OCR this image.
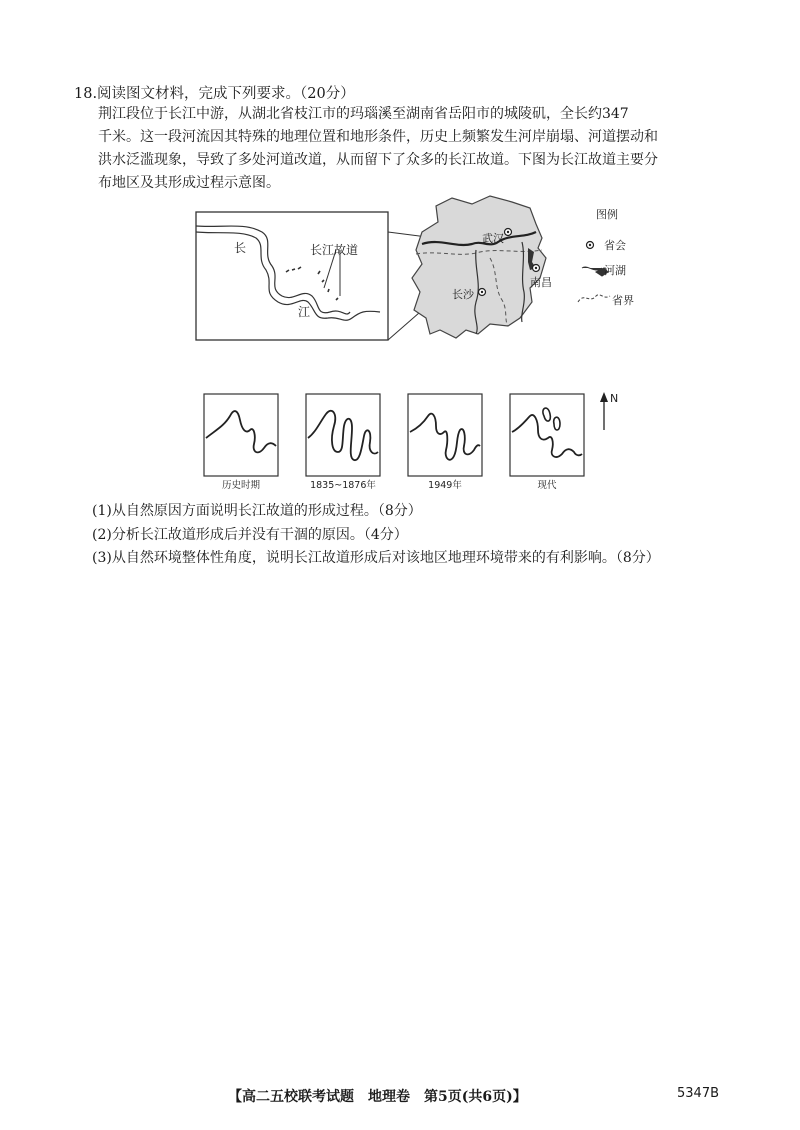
18.阅读图文材料，完成下列要求。（20分）
荆江段位于长江中游，从湖北省枝江市的玛瑙溪至湖南省岳阳市的城陵矶，全长约347
千米。这一段河流因其特殊的地理位置和地形条件，历史上频繁发生河岸崩塌、河道摆动和
洪水泛滥现象，导致了多处河道改道，从而留下了众多的长江故道。下图为长江故道主要分
布地区及其形成过程示意图。
长
江
长江故道
武汉
南昌
长沙
图例
省会
河湖
省界
历史时期	1835~1876年	1949年	现代
N
(1)从自然原因方面说明长江故道的形成过程。（8分）
(2)分析长江故道形成后并没有干涸的原因。（4分）
(3)从自然环境整体性角度，说明长江故道形成后对该地区地理环境带来的有利影响。（8分）
【高二五校联考试题　地理卷　第5页(共6页)】	5347B
